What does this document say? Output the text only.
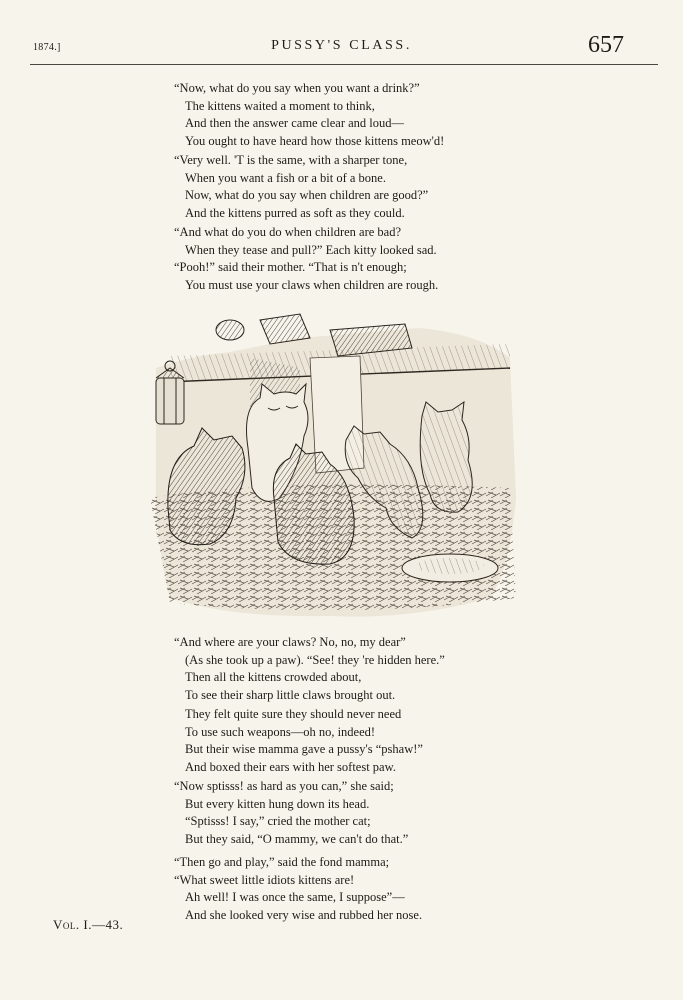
1874.]	PUSSY'S CLASS.	657
“Now, what do you say when you want a drink?”
The kittens waited a moment to think,
And then the answer came clear and loud—
You ought to have heard how those kittens meow'd!
“Very well. 'T is the same, with a sharper tone,
When you want a fish or a bit of a bone.
Now, what do you say when children are good?”
And the kittens purred as soft as they could.
“And what do you do when children are bad?
When they tease and pull?” Each kitty looked sad.
“Pooh!” said their mother. “That is n't enough;
You must use your claws when children are rough.
“And where are your claws? No, no, my dear”
(As she took up a paw). “See! they 're hidden here.”
Then all the kittens crowded about,
To see their sharp little claws brought out.
They felt quite sure they should never need
To use such weapons—oh no, indeed!
But their wise mamma gave a pussy's “pshaw!”
And boxed their ears with her softest paw.
“Now sptisss! as hard as you can,” she said;
But every kitten hung down its head.
“Sptisss! I say,” cried the mother cat;
But they said, “O mammy, we can't do that.”
“Then go and play,” said the fond mamma;
“What sweet little idiots kittens are!
Ah well! I was once the same, I suppose”—
And she looked very wise and rubbed her nose.
Vol. I.—43.
